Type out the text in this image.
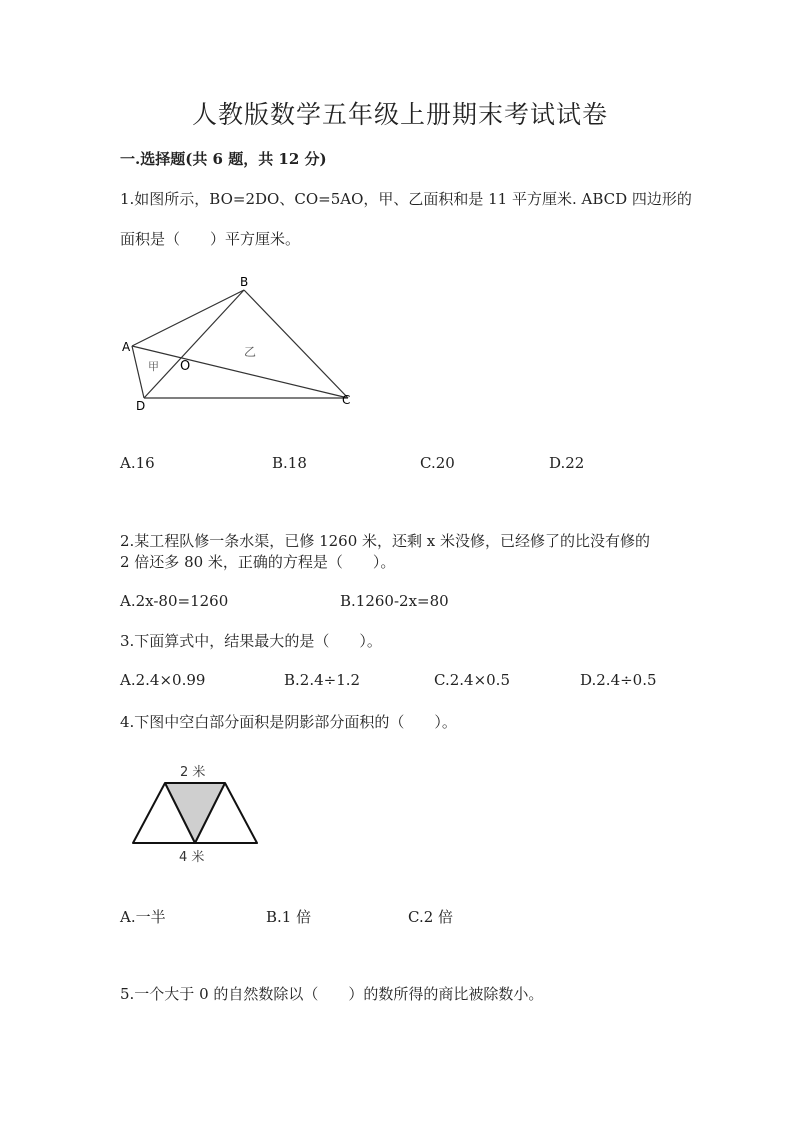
人教版数学五年级上册期末考试试卷
一.选择题(共 6 题，共 12 分)
1.如图所示，BO=2DO、CO=5AO，甲、乙面积和是 11 平方厘米. ABCD 四边形的
面积是（　　）平方厘米。
A
B
C
D
O
甲
乙
A.16	B.18	C.20	D.22
2.某工程队修一条水渠，已修 1260 米，还剩 x 米没修，已经修了的比没有修的
2 倍还多 80 米，正确的方程是（　　）。
A.2x-80=1260	B.1260-2x=80
3.下面算式中，结果最大的是（　　）。
A.2.4×0.99	B.2.4÷1.2	C.2.4×0.5	D.2.4÷0.5
4.下图中空白部分面积是阴影部分面积的（　　）。
2 米
4 米
A.一半	B.1 倍	C.2 倍
5.一个大于 0 的自然数除以（　　）的数所得的商比被除数小。
